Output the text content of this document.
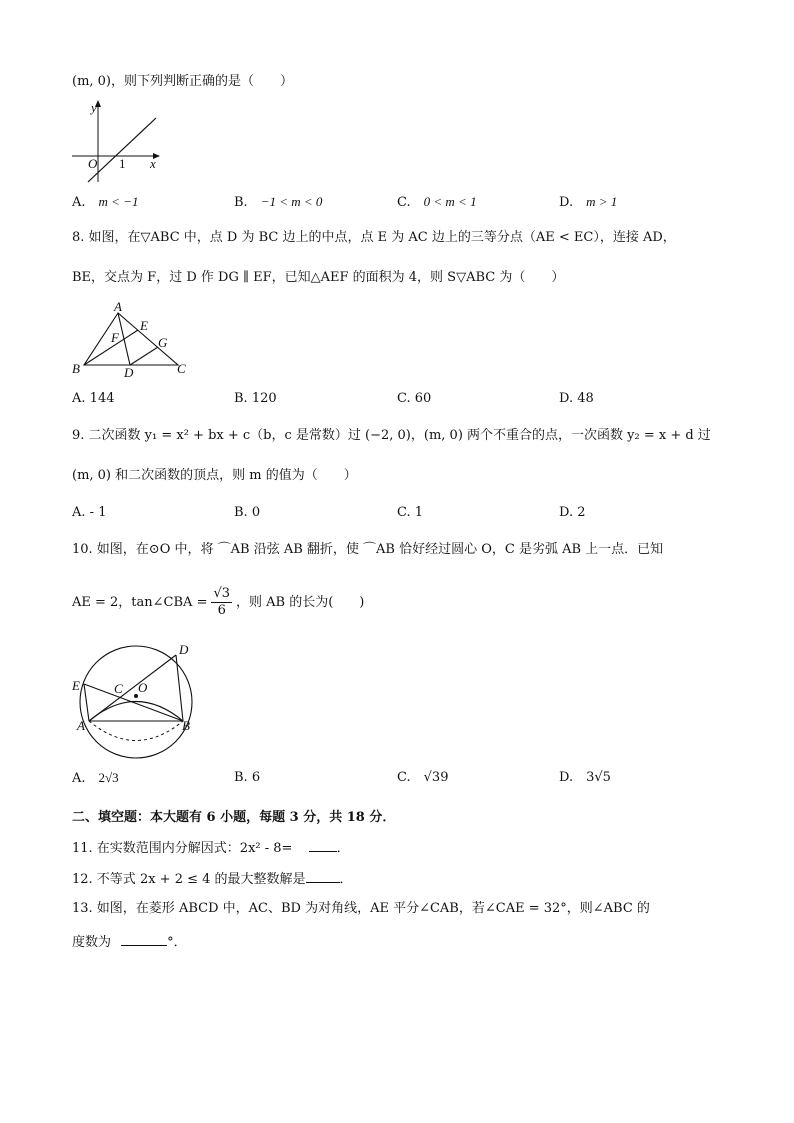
(m, 0)，则下列判断正确的是（　　）
y
x
O 1
A.　 m < −1	B.　 −1 < m < 0	C.　 0 < m < 1	D.　 m > 1
8. 如图，在▽ABC 中，点 D 为 BC 边上的中点，点 E 为 AC 边上的三等分点（AE < EC），连接 AD，
BE，交点为 F，过 D 作 DG ∥ EF，已知△AEF 的面积为 4，则 S▽ABC 为（　　）
A
B	C
D
E
F	G
A. 144	B. 120	C. 60	D. 48
9. 二次函数 y₁ = x² + bx + c（b，c 是常数）过 (−2, 0)，(m, 0) 两个不重合的点，一次函数 y₂ = x + d 过
(m, 0) 和二次函数的顶点，则 m 的值为（　　）
A. - 1	B. 0	C. 1	D. 2
10. 如图，在⊙O 中，将 ⌒AB 沿弦 AB 翻折，使 ⌒AB 恰好经过圆心 O，C 是劣弧 AB 上一点．已知
AE = 2，tan∠CBA = $\frac{√3}{6}$ ，则 AB 的长为(　　)
D
E	C O
A	B
A.　 2√3	B. 6	C.　 √39	D.　 3√5
二、填空题：本大题有 6 小题，每题 3 分，共 18 分．
11. 在实数范围内分解因式：2x² - 8=	．
12. 不等式 2x + 2 ≤ 4 的最大整数解是	．
13. 如图，在菱形 ABCD 中，AC、BD 为对角线，AE 平分∠CAB，若∠CAE = 32°，则∠ABC 的
度数为	°．
